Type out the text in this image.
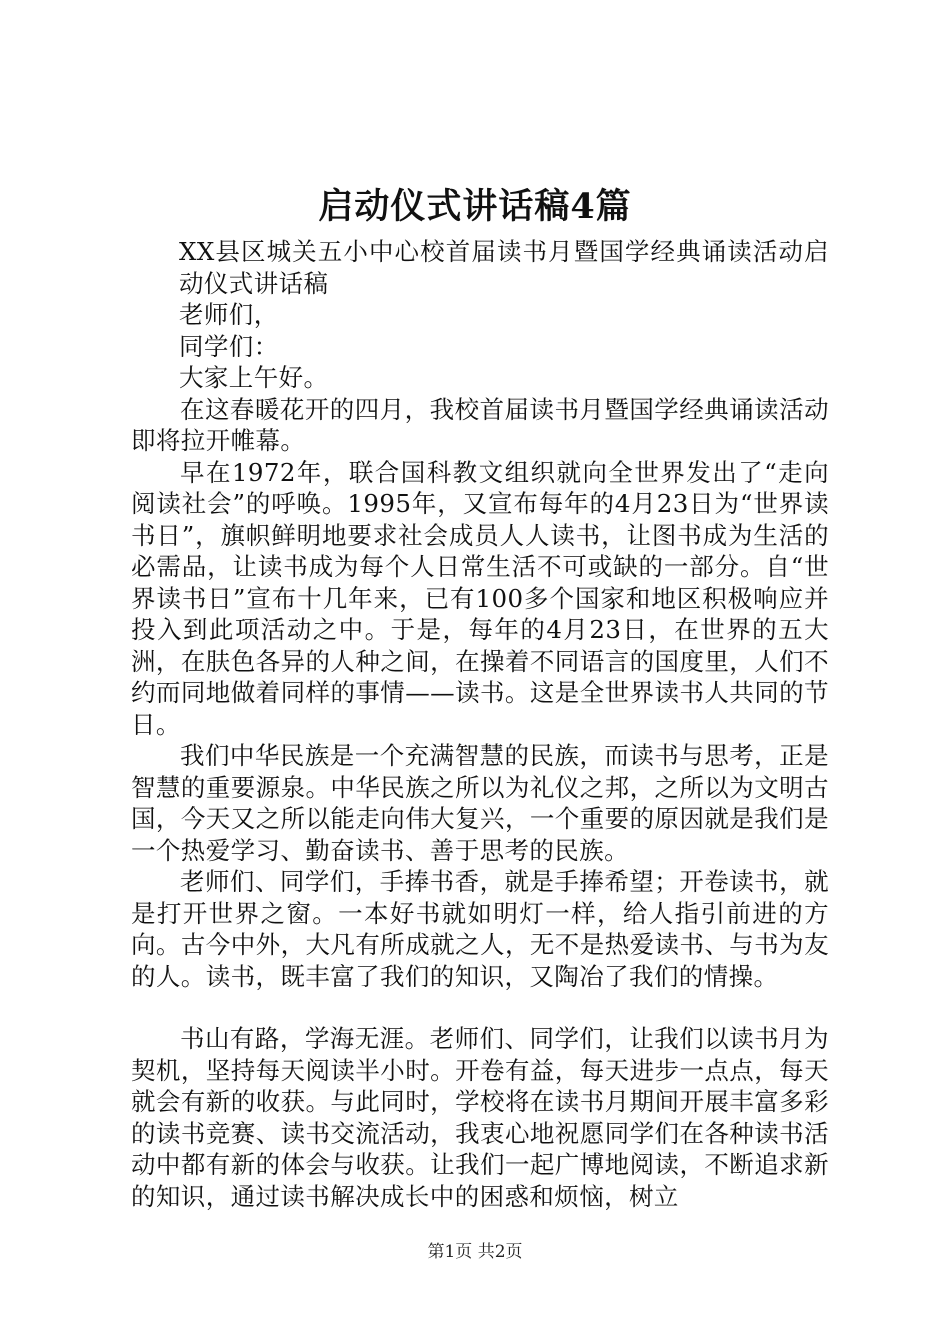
启动仪式讲话稿4篇

XX县区城关五小中心校首届读书月暨国学经典诵读活动启动仪式讲话稿

老师们，

同学们：

大家上午好。

在这春暖花开的四月，我校首届读书月暨国学经典诵读活动即将拉开帷幕。

早在1972年，联合国科教文组织就向全世界发出了“走向阅读社会”的呼唤。1995年，又宣布每年的4月23日为“世界读书日”，旗帜鲜明地要求社会成员人人读书，让图书成为生活的必需品，让读书成为每个人日常生活不可或缺的一部分。自“世界读书日”宣布十几年来，已有100多个国家和地区积极响应并投入到此项活动之中。于是，每年的4月23日，在世界的五大洲，在肤色各异的人种之间，在操着不同语言的国度里，人们不约而同地做着同样的事情——读书。这是全世界读书人共同的节日。

我们中华民族是一个充满智慧的民族，而读书与思考，正是智慧的重要源泉。中华民族之所以为礼仪之邦，之所以为文明古国，今天又之所以能走向伟大复兴，一个重要的原因就是我们是一个热爱学习、勤奋读书、善于思考的民族。

老师们、同学们，手捧书香，就是手捧希望；开卷读书，就是打开世界之窗。一本好书就如明灯一样，给人指引前进的方向。古今中外，大凡有所成就之人，无不是热爱读书、与书为友的人。读书，既丰富了我们的知识，又陶冶了我们的情操。

书山有路，学海无涯。老师们、同学们，让我们以读书月为契机，坚持每天阅读半小时。开卷有益，每天进步一点点，每天就会有新的收获。与此同时，学校将在读书月期间开展丰富多彩的读书竞赛、读书交流活动，我衷心地祝愿同学们在各种读书活动中都有新的体会与收获。让我们一起广博地阅读，不断追求新的知识，通过读书解决成长中的困惑和烦恼，树立

第1页 共2页
